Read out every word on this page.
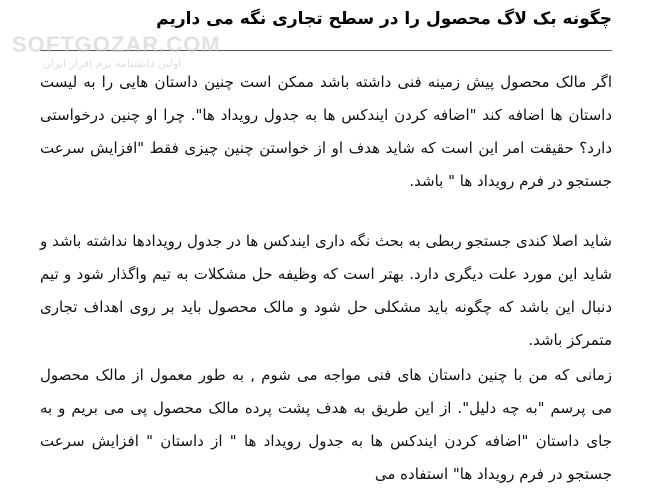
چگونه بک لاگ محصول را در سطح تجاری نگه می داریم
SOFTGOZAR.COM
اولین دانشنامه نرم افزار ایران

اگر مالک محصول پیش زمینه فنی داشته باشد ممکن است چنین داستان هایی را به لیست داستان ها اضافه کند "اضافه کردن ایندکس ها به جدول رویداد ها". چرا او چنین درخواستی دارد؟ حقیقت امر این است که شاید هدف او از خواستن چنین چیزی فقط "افزایش سرعت جستجو در فرم رویداد ها " باشد.

شاید اصلا کندی جستجو ربطی به بحث نگه داری ایندکس ها در جدول رویدادها نداشته باشد و شاید این مورد علت دیگری دارد. بهتر است که وظیفه حل مشکلات به تیم واگذار شود و تیم دنبال این باشد که چگونه باید مشکلی حل شود و مالک محصول باید بر روی اهداف تجاری متمرکز باشد.

زمانی که من با چنین داستان های فنی مواجه می شوم , به طور معمول از مالک محصول می پرسم "به چه دلیل". از این طریق به هدف پشت پرده مالک محصول پی می بریم و به جای داستان "اضافه کردن ایندکس ها به جدول رویداد ها " از داستان " افزایش سرعت جستجو در فرم رویداد ها" استفاده می
